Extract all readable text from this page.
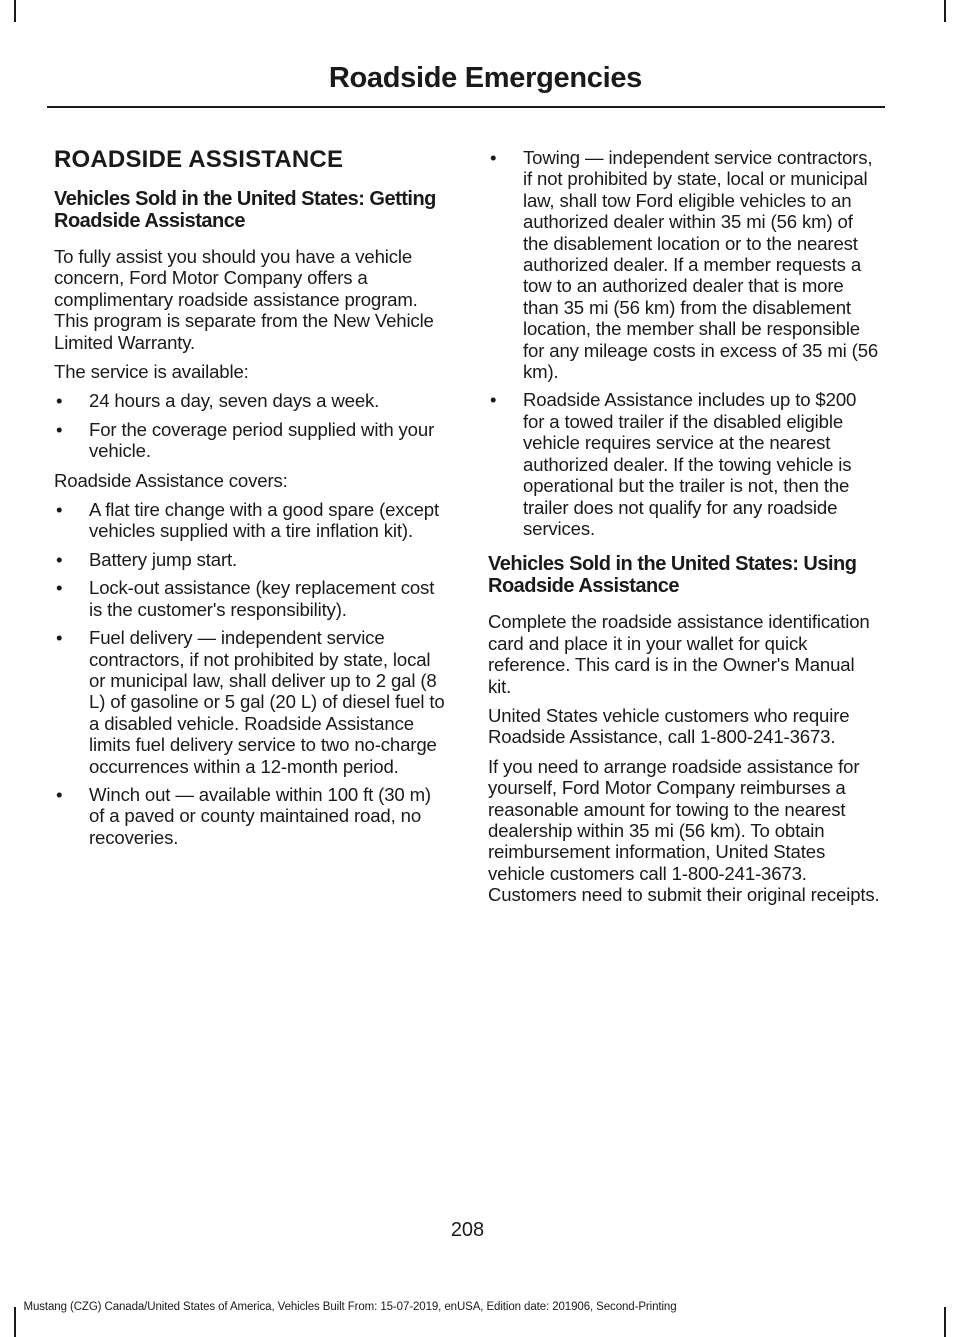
Roadside Emergencies
ROADSIDE ASSISTANCE
Vehicles Sold in the United States: Getting Roadside Assistance

To fully assist you should you have a vehicle concern, Ford Motor Company offers a complimentary roadside assistance program. This program is separate from the New Vehicle Limited Warranty.

The service is available:

• 24 hours a day, seven days a week.
• For the coverage period supplied with your vehicle.

Roadside Assistance covers:

• A flat tire change with a good spare (except vehicles supplied with a tire inflation kit).
• Battery jump start.
• Lock-out assistance (key replacement cost is the customer's responsibility).
• Fuel delivery — independent service contractors, if not prohibited by state, local or municipal law, shall deliver up to 2 gal (8 L) of gasoline or 5 gal (20 L) of diesel fuel to a disabled vehicle. Roadside Assistance limits fuel delivery service to two no-charge occurrences within a 12-month period.
• Winch out — available within 100 ft (30 m) of a paved or county maintained road, no recoveries.
• Towing — independent service contractors, if not prohibited by state, local or municipal law, shall tow Ford eligible vehicles to an authorized dealer within 35 mi (56 km) of the disablement location or to the nearest authorized dealer. If a member requests a tow to an authorized dealer that is more than 35 mi (56 km) from the disablement location, the member shall be responsible for any mileage costs in excess of 35 mi (56 km).
• Roadside Assistance includes up to $200 for a towed trailer if the disabled eligible vehicle requires service at the nearest authorized dealer. If the towing vehicle is operational but the trailer is not, then the trailer does not qualify for any roadside services.
Vehicles Sold in the United States: Using Roadside Assistance

Complete the roadside assistance identification card and place it in your wallet for quick reference. This card is in the Owner's Manual kit.

United States vehicle customers who require Roadside Assistance, call 1-800-241-3673.

If you need to arrange roadside assistance for yourself, Ford Motor Company reimburses a reasonable amount for towing to the nearest dealership within 35 mi (56 km). To obtain reimbursement information, United States vehicle customers call 1-800-241-3673. Customers need to submit their original receipts.

208
Mustang (CZG) Canada/United States of America, Vehicles Built From: 15-07-2019, enUSA, Edition date: 201906, Second-Printing
